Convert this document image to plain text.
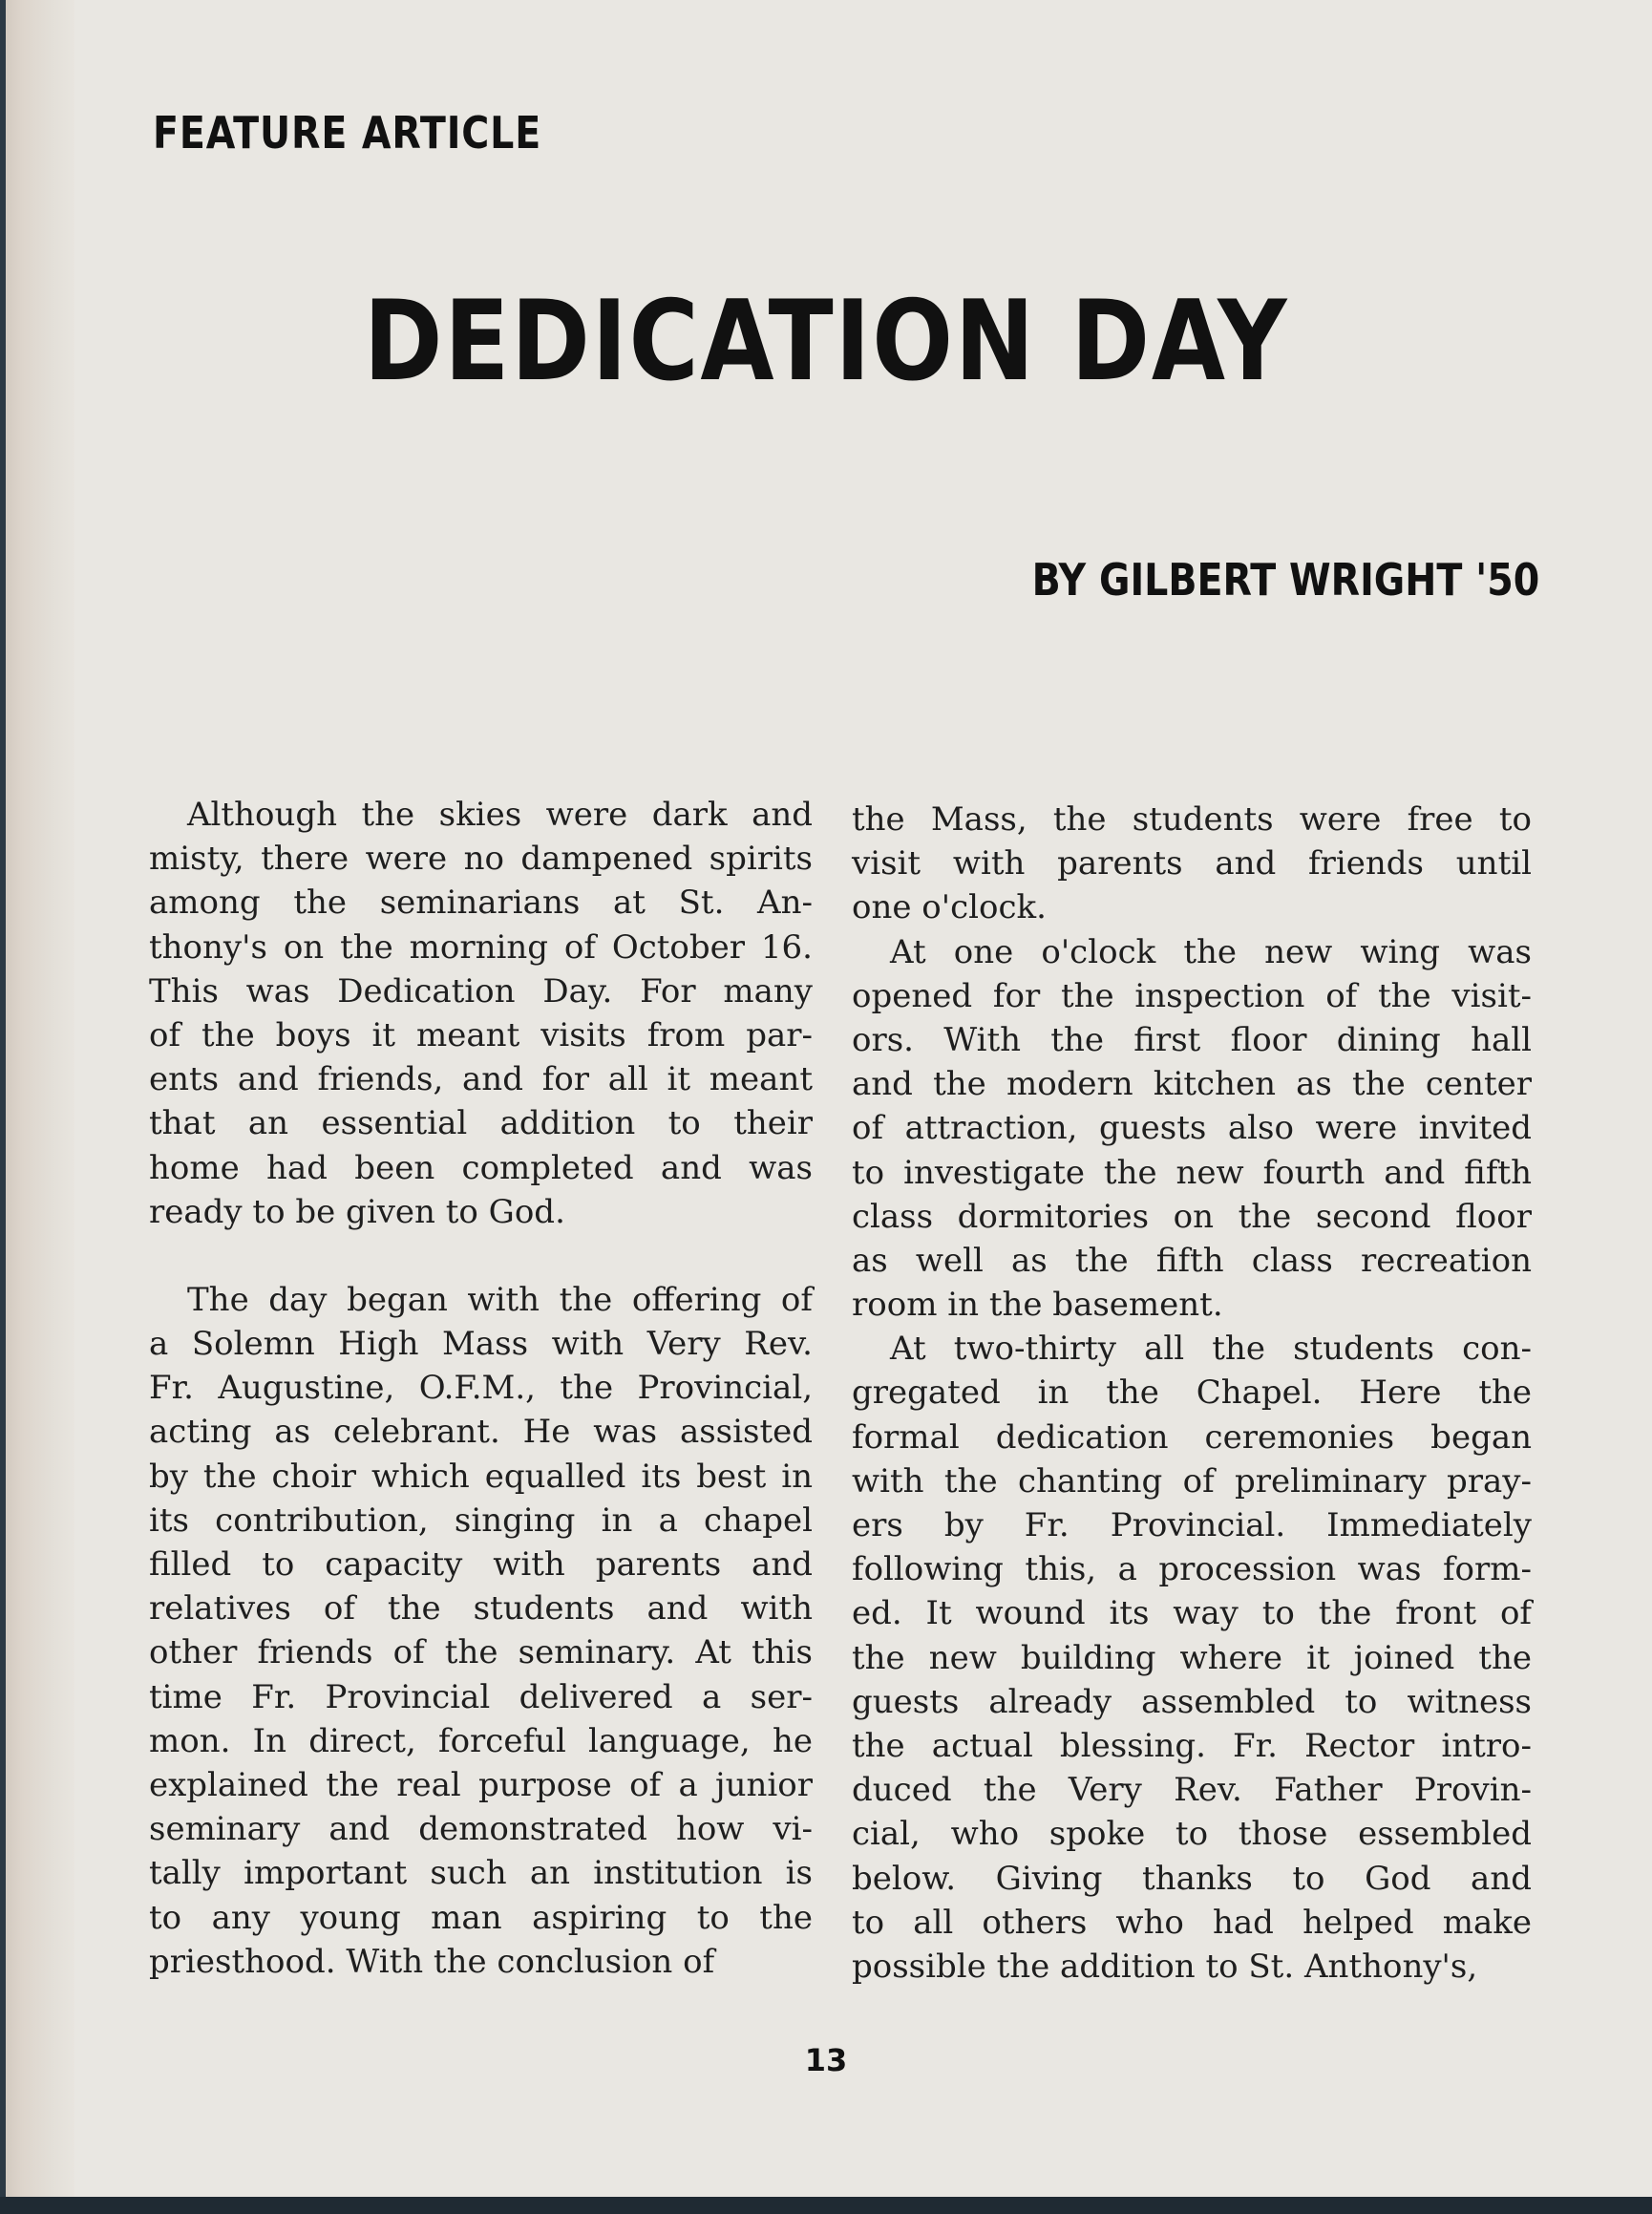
FEATURE ARTICLE
DEDICATION DAY
BY GILBERT WRIGHT '50
Although the skies were dark and
misty, there were no dampened spirits
among the seminarians at St. An-
thony's on the morning of October 16.
This was Dedication Day. For many
of the boys it meant visits from par-
ents and friends, and for all it meant
that an essential addition to their
home had been completed and was
ready to be given to God.
The day began with the offering of
a Solemn High Mass with Very Rev.
Fr. Augustine, O.F.M., the Provincial,
acting as celebrant. He was assisted
by the choir which equalled its best in
its contribution, singing in a chapel
filled to capacity with parents and
relatives of the students and with
other friends of the seminary. At this
time Fr. Provincial delivered a ser-
mon. In direct, forceful language, he
explained the real purpose of a junior
seminary and demonstrated how vi-
tally important such an institution is
to any young man aspiring to the
priesthood. With the conclusion of
the Mass, the students were free to
visit with parents and friends until
one o'clock.
At one o'clock the new wing was
opened for the inspection of the visit-
ors. With the first floor dining hall
and the modern kitchen as the center
of attraction, guests also were invited
to investigate the new fourth and fifth
class dormitories on the second floor
as well as the fifth class recreation
room in the basement.
At two-thirty all the students con-
gregated in the Chapel. Here the
formal dedication ceremonies began
with the chanting of preliminary pray-
ers by Fr. Provincial. Immediately
following this, a procession was form-
ed. It wound its way to the front of
the new building where it joined the
guests already assembled to witness
the actual blessing. Fr. Rector intro-
duced the Very Rev. Father Provin-
cial, who spoke to those essembled
below. Giving thanks to God and
to all others who had helped make
possible the addition to St. Anthony's,
13
